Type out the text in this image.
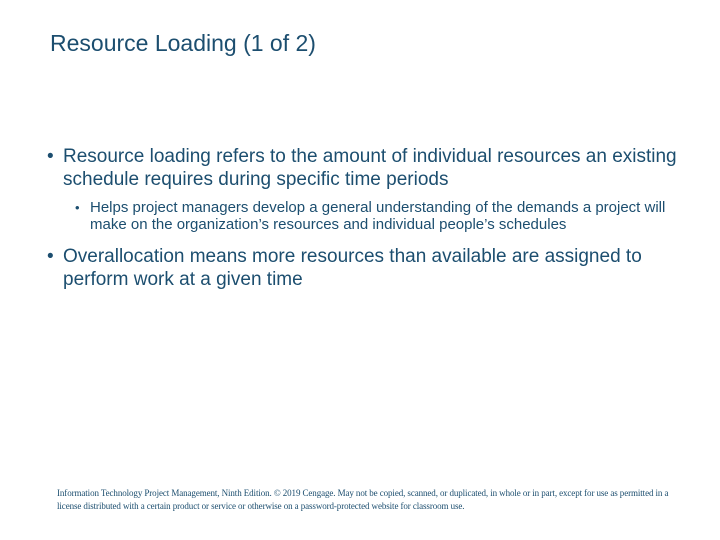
Resource Loading (1 of 2)
• Resource loading refers to the amount of individual resources an existing schedule requires during specific time periods
• Helps project managers develop a general understanding of the demands a project will make on the organization’s resources and individual people’s schedules
• Overallocation means more resources than available are assigned to perform work at a given time
Information Technology Project Management, Ninth Edition. © 2019 Cengage. May not be copied, scanned, or duplicated, in whole or in part, except for use as permitted in a license distributed with a certain product or service or otherwise on a password-protected website for classroom use.
